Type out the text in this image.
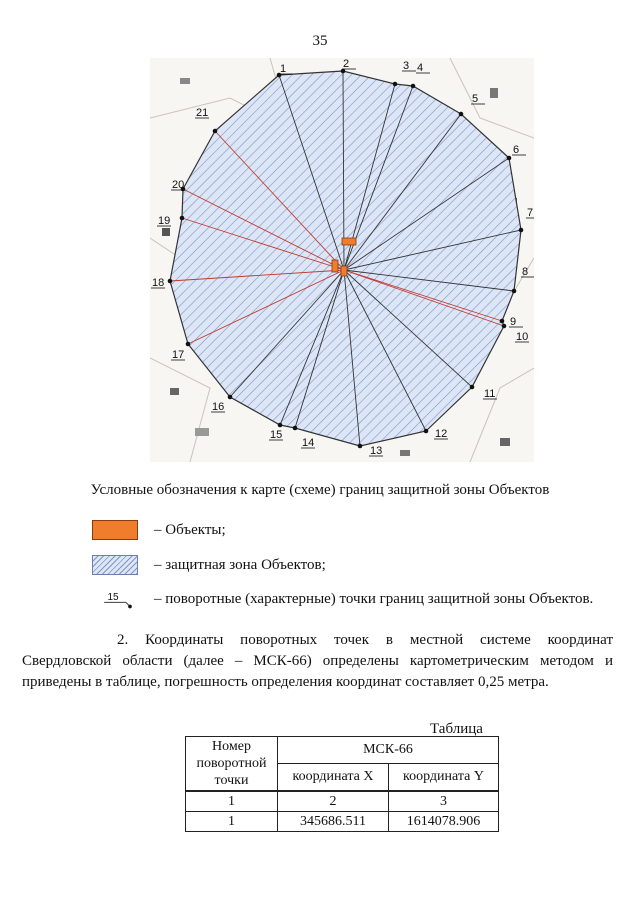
35
1	2	3 4
5
6
7
8
9
10
11
12
13
14
15
16
17
18
19
20
21
Условные обозначения к карте (схеме) границ защитной зоны Объектов
– Объекты;
– защитная зона Объектов;
15 – поворотные (характерные) точки границ защитной зоны Объектов.
2. Координаты поворотных точек в местной системе координат
Свердловской области (далее – МСК-66) определены картометрическим методом и приведены в таблице, погрешность определения координат составляет 0,25 метра.
Таблица
Номер поворотной точки	МСК-66	
	координата X	координата Y
1	2	3
1	345686.511	1614078.906
